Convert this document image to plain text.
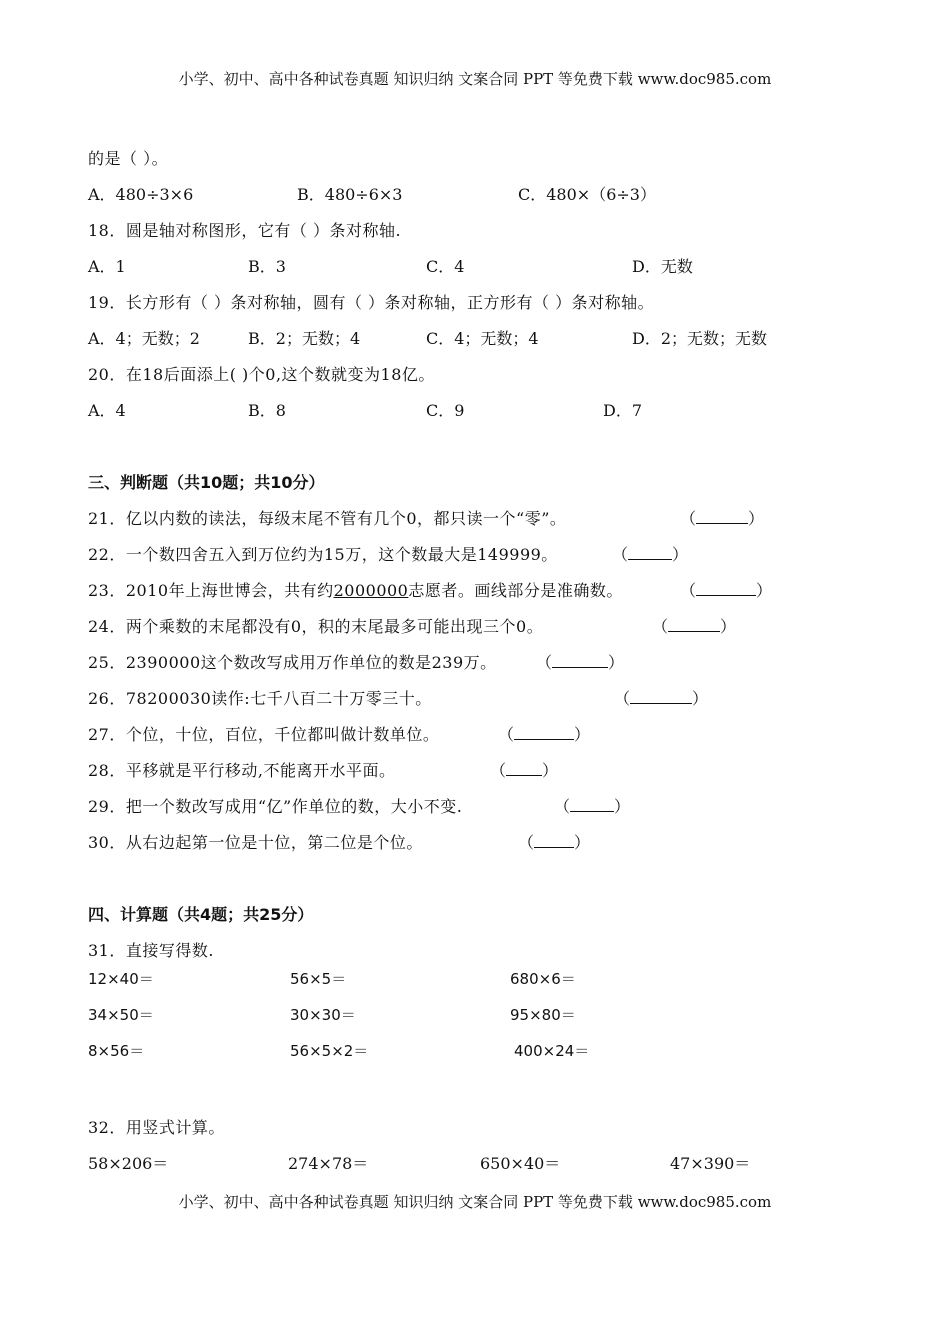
小学、初中、高中各种试卷真题 知识归纳 文案合同 PPT 等免费下载 www.doc985.com
的是（ ）。
A．480÷3×6	B．480÷6×3	C．480×（6÷3）
18．圆是轴对称图形，它有（ ）条对称轴.
A．1	B．3	C．4	D．无数
19．长方形有（ ）条对称轴，圆有（ ）条对称轴，正方形有（ ）条对称轴。
A．4；无数；2	B．2；无数；4	C．4；无数；4	D．2；无数；无数
20．在18后面添上( )个0,这个数就变为18亿。
A．4	B．8	C．9	D．7
三、判断题（共10题；共10分）
21．亿以内数的读法，每级末尾不管有几个0，都只读一个“零”。	（	）
22．一个数四舍五入到万位约为15万，这个数最大是149999。	（	）
23．2010年上海世博会，共有约2000000志愿者。画线部分是准确数。	（	）
24．两个乘数的末尾都没有0，积的末尾最多可能出现三个0。	（	）
25．2390000这个数改写成用万作单位的数是239万。 （	）
26．78200030读作:七千八百二十万零三十。	（	）
27．个位，十位，百位，千位都叫做计数单位。	（	）
28．平移就是平行移动,不能离开水平面。	（ ）
29．把一个数改写成用“亿”作单位的数，大小不变.	（	）
30．从右边起第一位是十位，第二位是个位。	（	）
四、计算题（共4题；共25分）
31．直接写得数.
12×40＝	56×5＝	680×6＝
34×50＝	30×30＝	95×80＝
8×56＝	56×5×2＝	400×24＝
32．用竖式计算。
58×206＝	274×78＝	650×40＝	47×390＝
小学、初中、高中各种试卷真题 知识归纳 文案合同 PPT 等免费下载 www.doc985.com
